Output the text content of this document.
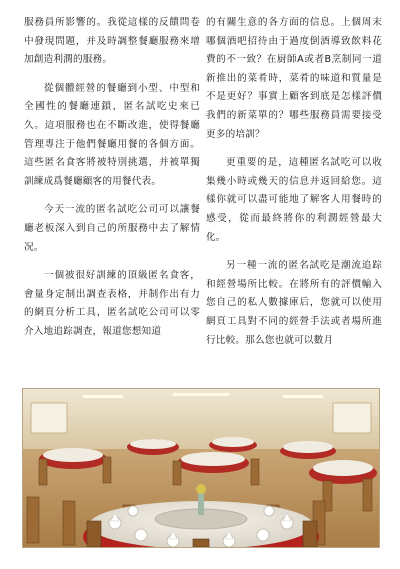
服務員所影響的。我從這樣的反饋問卷中發現問題，并及時調整餐廳服務來增加創造利潤的服務。

從個體經營的餐廳到小型、中型和全國性的餐廳連鎖，匿名試吃史來已久。這項服務也在不斷改進，使得餐廳管理專注于他們餐廳用餐的各個方面。這些匿名食客將被特別挑選，并被單獨訓練成爲餐廳顧客的用餐代表。

今天一流的匿名試吃公司可以讓餐廳老板深入到自己的所服務中去了解情况。

一個被很好訓練的頂級匿名食客，會量身定制出調查表格，并制作出有力的網頁分析工具，匿名試吃公司可以零介入地追踪調查，報道您想知道

的有關生意的各方面的信息。上個周末哪個酒吧招待由于過度倒酒導致飲料花費的不一致？在厨師A或者B烹制同一道新推出的菜肴時，菜肴的味道和質量是不是更好？事實上顧客到底是怎樣評價我們的新菜單的？哪些服務員需要接受更多的培訓？

更重要的是，這種匿名試吃可以收集幾小時或幾天的信息并返回給您。這樣你就可以盡可能地了解客人用餐時的感受，從而最終將你的利潤經營最大化。

另一種一流的匿名試吃是潮流追踪和經營場所比較。在將所有的評價輸入您自己的私人數據庫后，您就可以使用網頁工具對不同的經營手法或者場所進行比較。那么您也就可以數月
